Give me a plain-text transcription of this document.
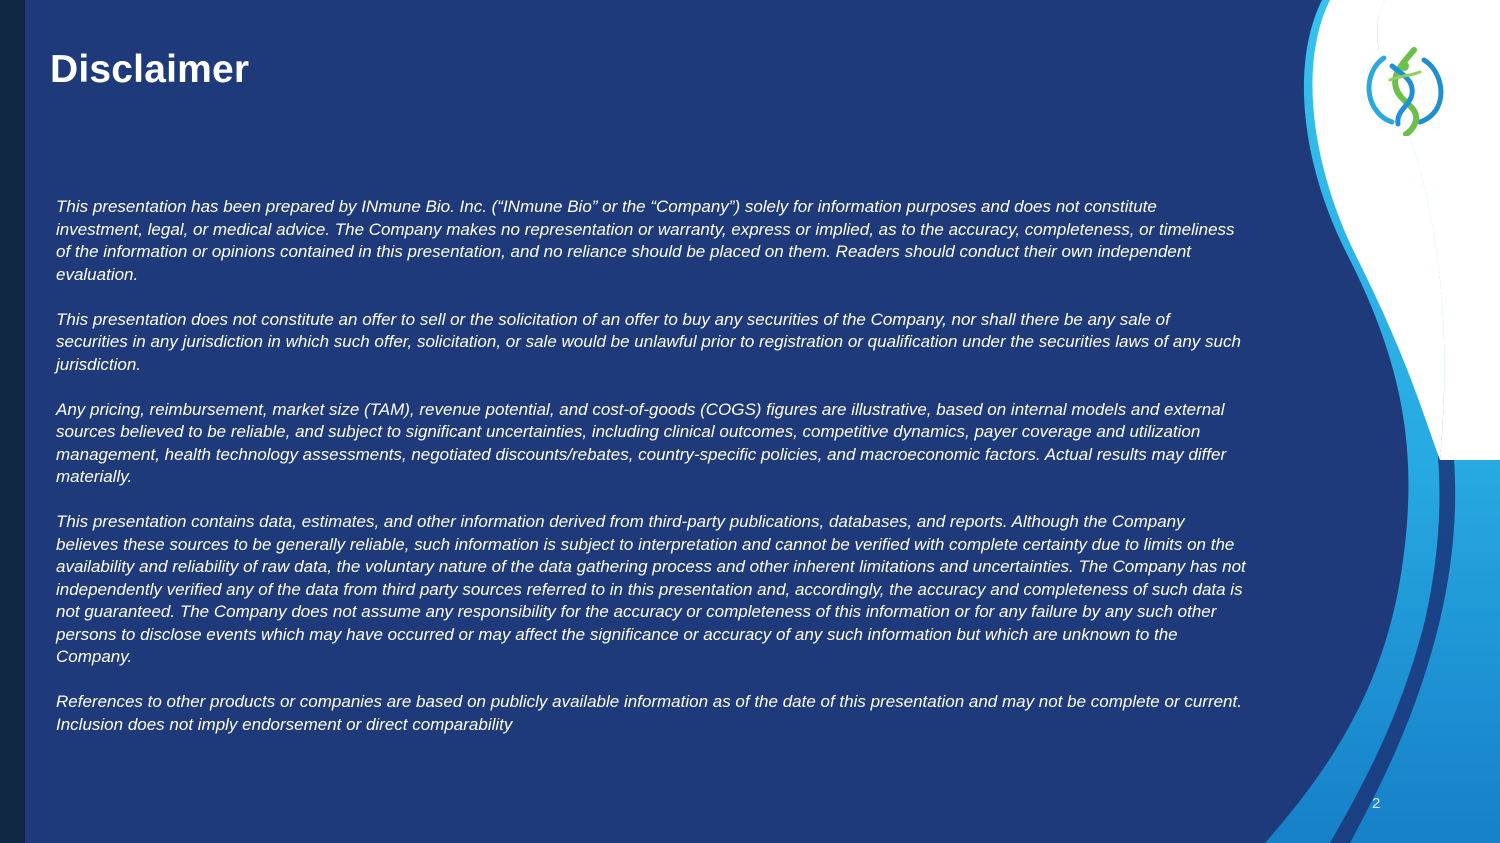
Disclaimer

This presentation has been prepared by INmune Bio. Inc. (“INmune Bio” or the “Company”) solely for information purposes and does not constitute investment, legal, or medical advice. The Company makes no representation or warranty, express or implied, as to the accuracy, completeness, or timeliness of the information or opinions contained in this presentation, and no reliance should be placed on them. Readers should conduct their own independent evaluation.

This presentation does not constitute an offer to sell or the solicitation of an offer to buy any securities of the Company, nor shall there be any sale of securities in any jurisdiction in which such offer, solicitation, or sale would be unlawful prior to registration or qualification under the securities laws of any such jurisdiction.

Any pricing, reimbursement, market size (TAM), revenue potential, and cost-of-goods (COGS) figures are illustrative, based on internal models and external sources believed to be reliable, and subject to significant uncertainties, including clinical outcomes, competitive dynamics, payer coverage and utilization management, health technology assessments, negotiated discounts/rebates, country-specific policies, and macroeconomic factors. Actual results may differ materially.

This presentation contains data, estimates, and other information derived from third-party publications, databases, and reports. Although the Company believes these sources to be generally reliable, such information is subject to interpretation and cannot be verified with complete certainty due to limits on the availability and reliability of raw data, the voluntary nature of the data gathering process and other inherent limitations and uncertainties. The Company has not independently verified any of the data from third party sources referred to in this presentation and, accordingly, the accuracy and completeness of such data is not guaranteed. The Company does not assume any responsibility for the accuracy or completeness of this information or for any failure by any such other persons to disclose events which may have occurred or may affect the significance or accuracy of any such information but which are unknown to the Company.

References to other products or companies are based on publicly available information as of the date of this presentation and may not be complete or current. Inclusion does not imply endorsement or direct comparability

2
